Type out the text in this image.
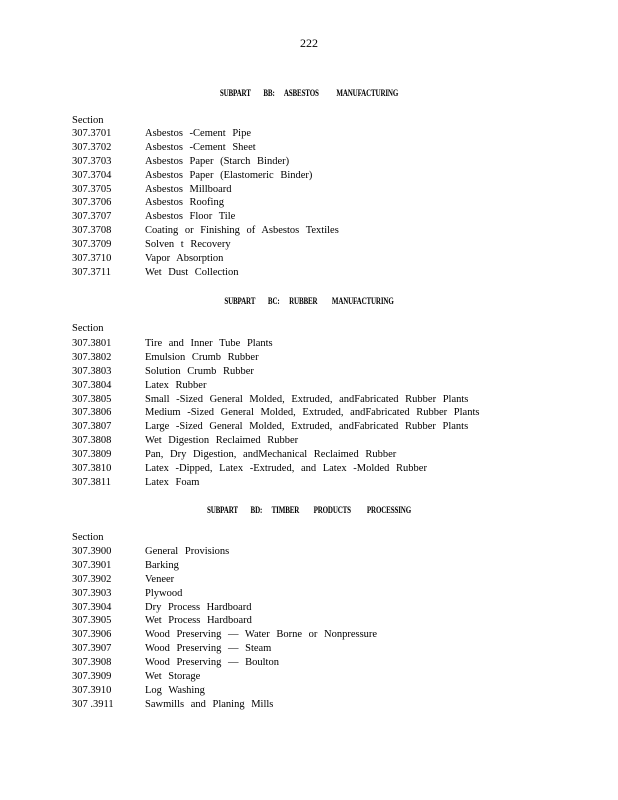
222
SUBPART        BB:      ASBESTOS           MANUFACTURING
Section
307.3701	Asbestos -Cement Pipe
307.3702	Asbestos -Cement Sheet
307.3703	Asbestos Paper (Starch Binder)
307.3704	Asbestos Paper (Elastomeric Binder)
307.3705	Asbestos Millboard
307.3706	Asbestos Roofing
307.3707	Asbestos Floor Tile
307.3708	Coating or Finishing of Asbestos Textiles
307.3709	Solven t Recovery
307.3710	Vapor Absorption
307.3711	Wet Dust Collection
SUBPART        BC:      RUBBER         MANUFACTURING
Section
307.3801	Tire and Inner Tube Plants
307.3802	Emulsion Crumb Rubber
307.3803	Solution Crumb Rubber
307.3804	Latex Rubber
307.3805	Small -Sized General Molded, Extruded, andFabricated Rubber Plants
307.3806	Medium -Sized General Molded, Extruded, andFabricated Rubber Plants
307.3807	Large -Sized General Molded, Extruded, andFabricated Rubber Plants
307.3808	Wet Digestion Reclaimed Rubber
307.3809	Pan, Dry Digestion, andMechanical Reclaimed Rubber
307.3810	Latex -Dipped, Latex -Extruded, and Latex -Molded Rubber
307.3811	Latex Foam
SUBPART        BD:      TIMBER         PRODUCTS          PROCESSING
Section
307.3900	General Provisions
307.3901	Barking
307.3902	Veneer
307.3903	Plywood
307.3904	Dry Process Hardboard
307.3905	Wet Process Hardboard
307.3906	Wood Preserving — Water Borne or Nonpressure
307.3907	Wood Preserving — Steam
307.3908	Wood Preserving — Boulton
307.3909	Wet Storage
307.3910	Log Washing
307 .3911	Sawmills and Planing Mills
